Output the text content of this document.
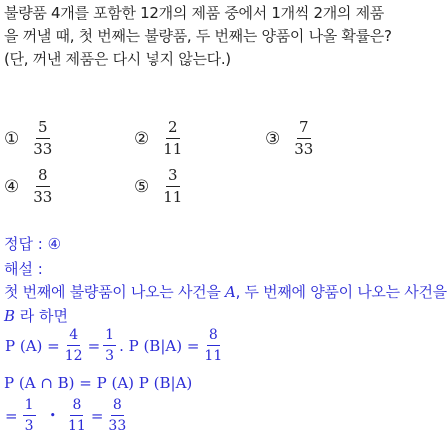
불량품 4개를 포함한 12개의 제품 중에서 1개씩 2개의 제품을 꺼낼 때, 첫 번째는 불량품, 두 번째는 양품이 나올 확률은? (단, 꺼낸 제품은 다시 넣지 않는다.)
① $\frac{5}{33}$	② $\frac{2}{11}$	③ $\frac{7}{33}$
④ $\frac{8}{33}$	⑤ $\frac{3}{11}$
정답 : ④
해설 :
첫 번째에 불량품이 나오는 사건을 A, 두 번째에 양품이 나오는 사건을
B 라 하면
P $(A) = \frac{4}{12} = \frac{1}{3}$ . P $(B|A) = \frac{8}{11}$
P (A ∩ B) = P (A) P (B|A)
= $\frac{1}{3}$ • $\frac{8}{11} = \frac{8}{33}$
